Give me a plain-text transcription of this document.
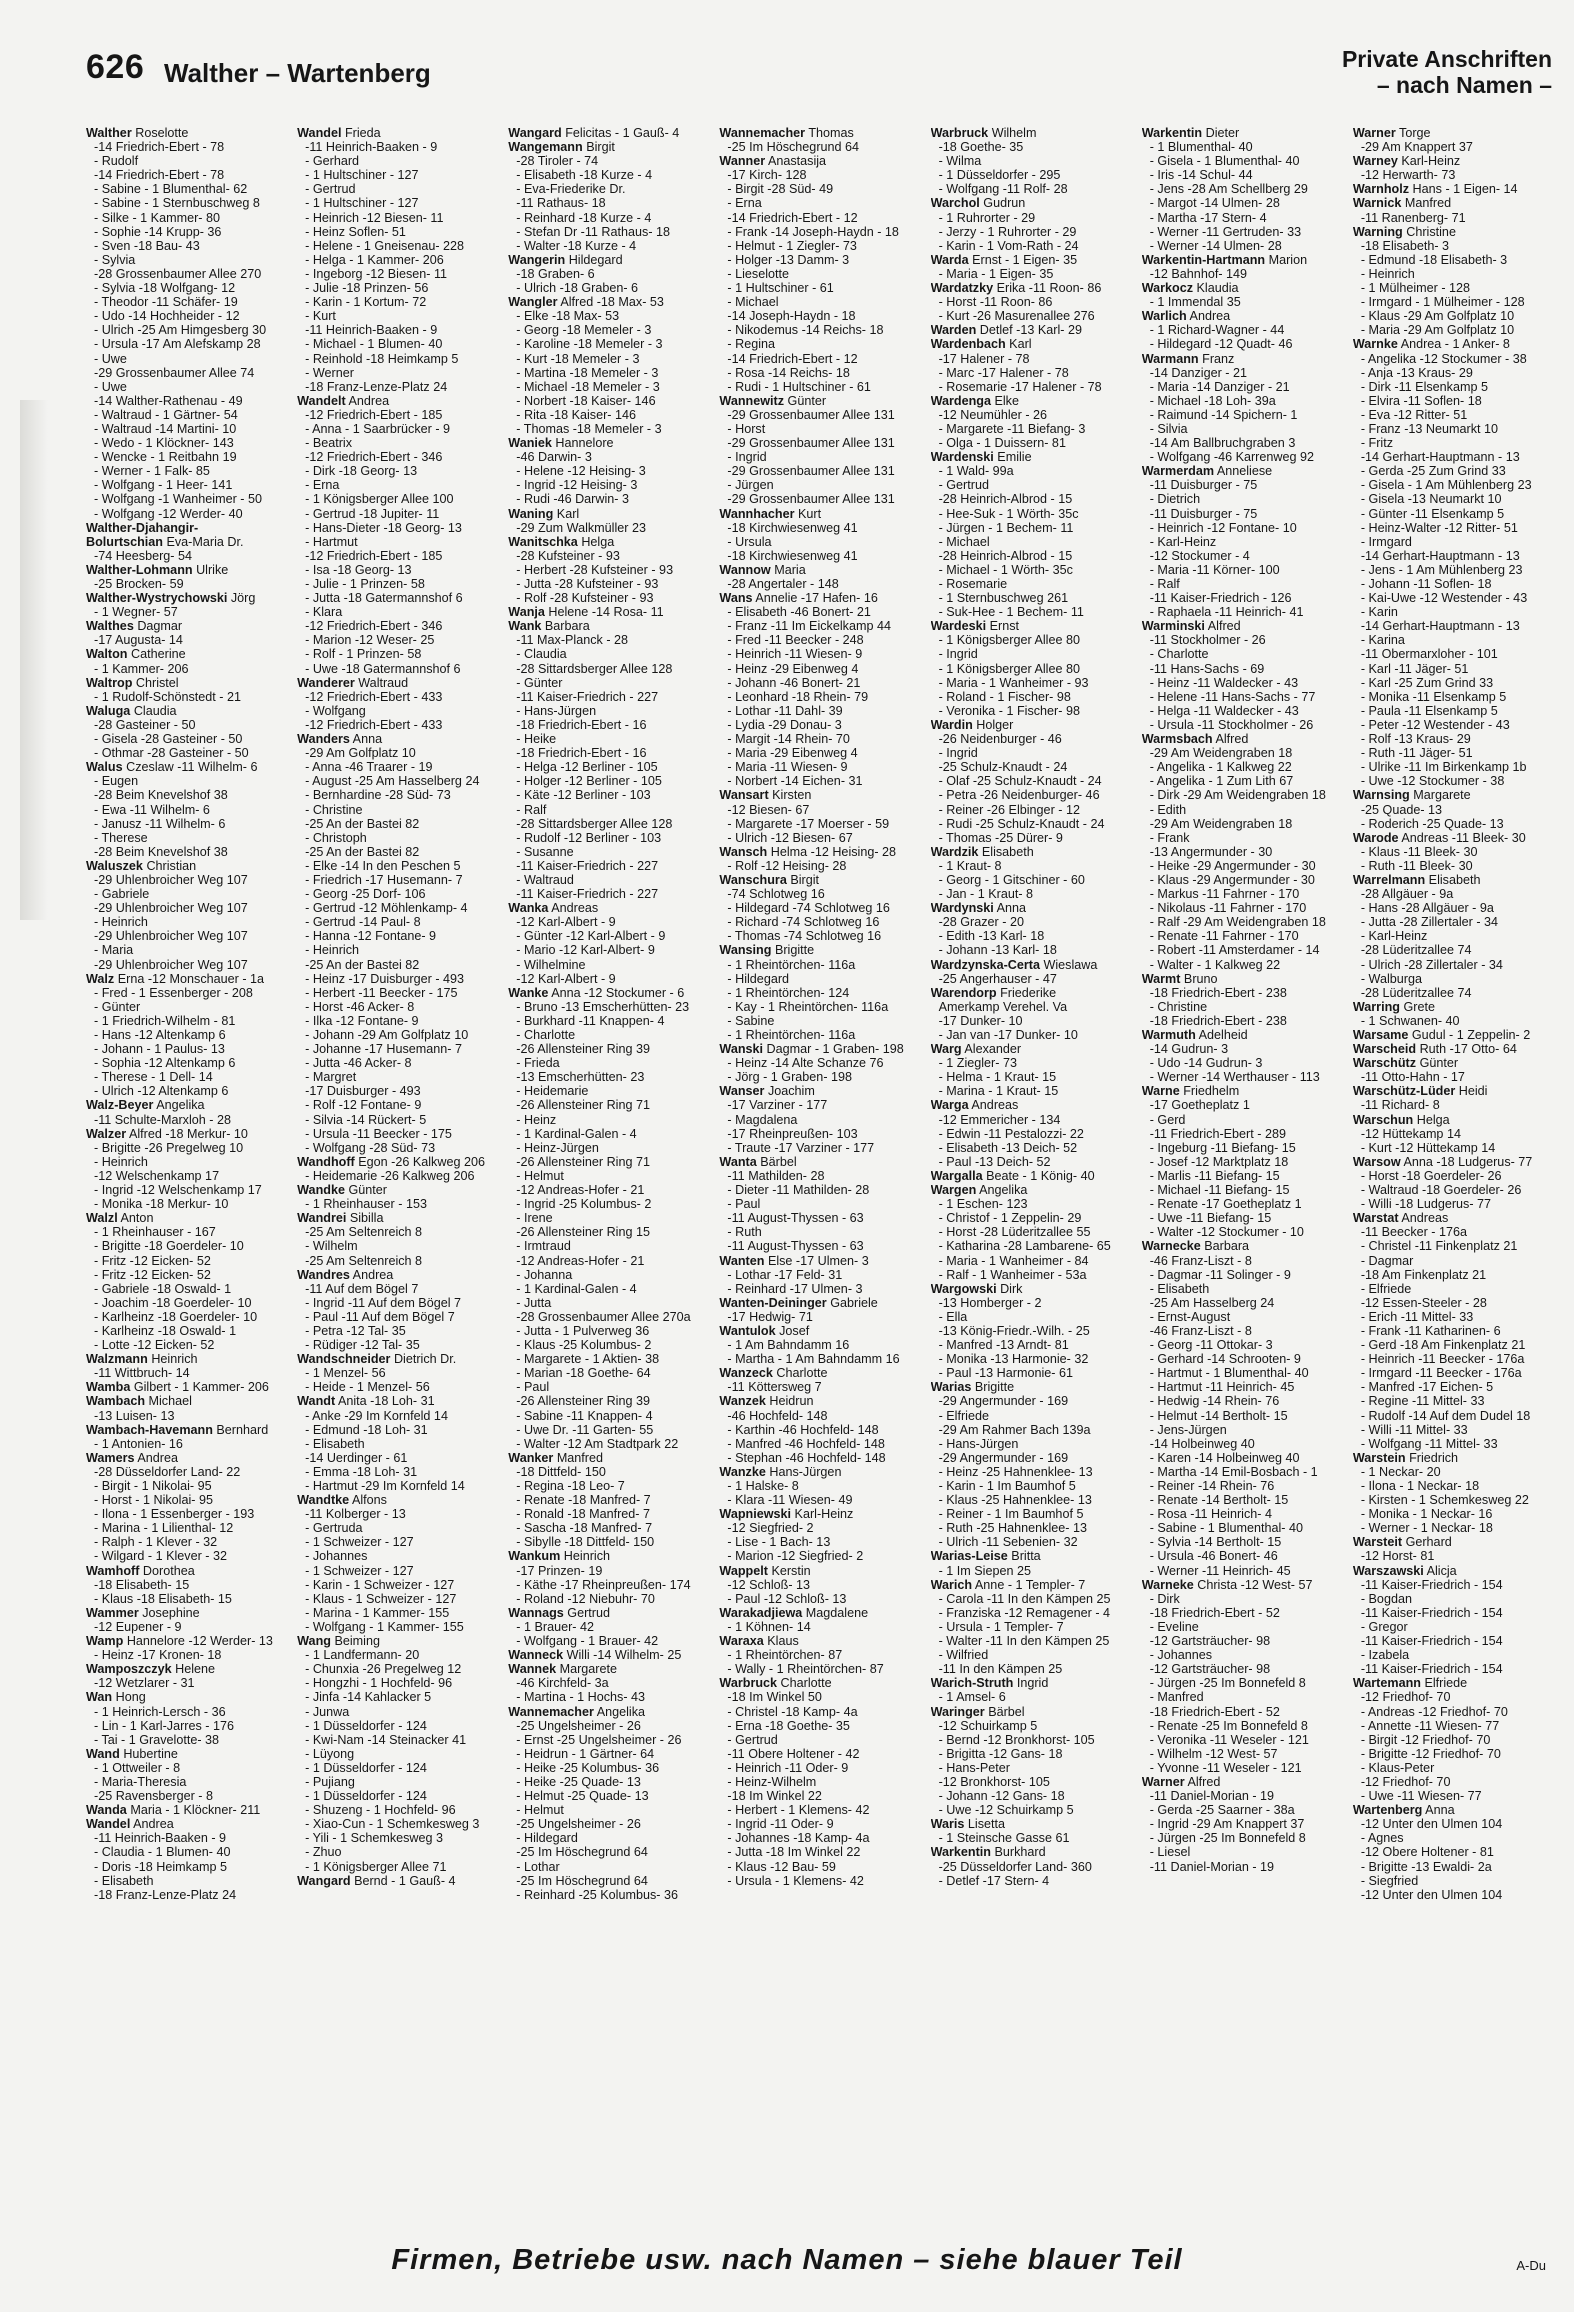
626 Walther – Wartenberg	Private Anschriften
– nach Namen –
Walther Roselotte
-14 Friedrich-Ebert - 78
- Rudolf
-14 Friedrich-Ebert - 78
- Sabine - 1 Blumenthal- 62
- Sabine - 1 Sternbuschweg 8
- Silke - 1 Kammer- 80
- Sophie -14 Krupp- 36
- Sven -18 Bau- 43
- Sylvia
-28 Grossenbaumer Allee 270
- Sylvia -18 Wolfgang- 12
- Theodor -11 Schäfer- 19
- Udo -14 Hochheider - 12
- Ulrich -25 Am Himgesberg 30
- Ursula -17 Am Alefskamp 28
- Uwe
-29 Grossenbaumer Allee 74
- Uwe
-14 Walther-Rathenau - 49
- Waltraud - 1 Gärtner- 54
- Waltraud -14 Martini- 10
- Wedo - 1 Klöckner- 143
- Wencke - 1 Reitbahn 19
- Werner - 1 Falk- 85
- Wolfgang - 1 Heer- 141
- Wolfgang -1 Wanheimer - 50
- Wolfgang -12 Werder- 40
Walther-Djahangir-
Bolurtschian Eva-Maria Dr.
-74 Heesberg- 54
Walther-Lohmann Ulrike
-25 Brocken- 59
Walther-Wystrychowski Jörg
- 1 Wegner- 57
Walthes Dagmar
-17 Augusta- 14
Walton Catherine
- 1 Kammer- 206
Waltrop Christel
- 1 Rudolf-Schönstedt - 21
Waluga Claudia
-28 Gasteiner - 50
- Gisela -28 Gasteiner - 50
- Othmar -28 Gasteiner - 50
Walus Czeslaw -11 Wilhelm- 6
- Eugen
-28 Beim Knevelshof 38
- Ewa -11 Wilhelm- 6
- Janusz -11 Wilhelm- 6
- Therese
-28 Beim Knevelshof 38
Waluszek Christian
-29 Uhlenbroicher Weg 107
- Gabriele
-29 Uhlenbroicher Weg 107
- Heinrich
-29 Uhlenbroicher Weg 107
- Maria
-29 Uhlenbroicher Weg 107
Walz Erna -12 Monschauer - 1a
- Fred - 1 Essenberger - 208
- Günter
- 1 Friedrich-Wilhelm - 81
- Hans -12 Altenkamp 6
- Johann - 1 Paulus- 13
- Sophia -12 Altenkamp 6
- Therese - 1 Dell- 14
- Ulrich -12 Altenkamp 6
Walz-Beyer Angelika
-11 Schulte-Marxloh - 28
Walzer Alfred -18 Merkur- 10
- Brigitte -26 Pregelweg 10
- Heinrich
-12 Welschenkamp 17
- Ingrid -12 Welschenkamp 17
- Monika -18 Merkur- 10
Walzl Anton
- 1 Rheinhauser - 167
- Brigitte -18 Goerdeler- 10
- Fritz -12 Eicken- 52
- Fritz -12 Eicken- 52
- Gabriele -18 Oswald- 1
- Joachim -18 Goerdeler- 10
- Karlheinz -18 Goerdeler- 10
- Karlheinz -18 Oswald- 1
- Lotte -12 Eicken- 52
Walzmann Heinrich
-11 Wittbruch- 14
Wamba Gilbert - 1 Kammer- 206
Wambach Michael
-13 Luisen- 13
Wambach-Havemann Bernhard
- 1 Antonien- 16
Wamers Andrea
-28 Düsseldorfer Land- 22
- Birgit - 1 Nikolai- 95
- Horst - 1 Nikolai- 95
- Ilona - 1 Essenberger - 193
- Marina - 1 Lilienthal- 12
- Ralph - 1 Klever - 32
- Wilgard - 1 Klever - 32
Wamhoff Dorothea
-18 Elisabeth- 15
- Klaus -18 Elisabeth- 15
Wammer Josephine
-12 Eupener - 9
Wamp Hannelore -12 Werder- 13
- Heinz -17 Kronen- 18
Wamposzczyk Helene
-12 Wetzlarer - 31
Wan Hong
- 1 Heinrich-Lersch - 36
- Lin - 1 Karl-Jarres - 176
- Tai - 1 Gravelotte- 38
Wand Hubertine
- 1 Ottweiler - 8
- Maria-Theresia
-25 Ravensberger - 8
Wanda Maria - 1 Klöckner- 211
Wandel Andrea
-11 Heinrich-Baaken - 9
- Claudia - 1 Blumen- 40
- Doris -18 Heimkamp 5
- Elisabeth
-18 Franz-Lenze-Platz 24
Wandel Frieda
-11 Heinrich-Baaken - 9
- Gerhard
- 1 Hultschiner - 127
- Gertrud
- 1 Hultschiner - 127
- Heinrich -12 Biesen- 11
- Heinz Soflen- 51
- Helene - 1 Gneisenau- 228
- Helga - 1 Kammer- 206
- Ingeborg -12 Biesen- 11
- Julie -18 Prinzen- 56
- Karin - 1 Kortum- 72
- Kurt
-11 Heinrich-Baaken - 9
- Michael - 1 Blumen- 40
- Reinhold -18 Heimkamp 5
- Werner
-18 Franz-Lenze-Platz 24
Wandelt Andrea
-12 Friedrich-Ebert - 185
- Anna - 1 Saarbrücker - 9
- Beatrix
-12 Friedrich-Ebert - 346
- Dirk -18 Georg- 13
- Erna
- 1 Königsberger Allee 100
- Gertrud -18 Jupiter- 11
- Hans-Dieter -18 Georg- 13
- Hartmut
-12 Friedrich-Ebert - 185
- Isa -18 Georg- 13
- Julie - 1 Prinzen- 58
- Jutta -18 Gatermannshof 6
- Klara
-12 Friedrich-Ebert - 346
- Marion -12 Weser- 25
- Rolf - 1 Prinzen- 58
- Uwe -18 Gatermannshof 6
Wanderer Waltraud
-12 Friedrich-Ebert - 433
- Wolfgang
-12 Friedrich-Ebert - 433
Wanders Anna
-29 Am Golfplatz 10
- Anna -46 Traarer - 19
- August -25 Am Hasselberg 24
- Bernhardine -28 Süd- 73
- Christine
-25 An der Bastei 82
- Christoph
-25 An der Bastei 82
- Elke -14 In den Peschen 5
- Friedrich -17 Husemann- 7
- Georg -25 Dorf- 106
- Gertrud -12 Möhlenkamp- 4
- Gertrud -14 Paul- 8
- Hanna -12 Fontane- 9
- Heinrich
-25 An der Bastei 82
- Heinz -17 Duisburger - 493
- Herbert -11 Beecker - 175
- Horst -46 Acker- 8
- Ilka -12 Fontane- 9
- Johann -29 Am Golfplatz 10
- Johanne -17 Husemann- 7
- Jutta -46 Acker- 8
- Margret
-17 Duisburger - 493
- Rolf -12 Fontane- 9
- Silvia -14 Rückert- 5
- Ursula -11 Beecker - 175
- Wolfgang -28 Süd- 73
Wandhoff Egon -26 Kalkweg 206
- Heidemarie -26 Kalkweg 206
Wandke Günter
- 1 Rheinhauser - 153
Wandrei Sibilla
-25 Am Seltenreich 8
- Wilhelm
-25 Am Seltenreich 8
Wandres Andrea
-11 Auf dem Bögel 7
- Ingrid -11 Auf dem Bögel 7
- Paul -11 Auf dem Bögel 7
- Petra -12 Tal- 35
- Rüdiger -12 Tal- 35
Wandschneider Dietrich Dr.
- 1 Menzel- 56
- Heide - 1 Menzel- 56
Wandt Anita -18 Loh- 31
- Anke -29 Im Kornfeld 14
- Edmund -18 Loh- 31
- Elisabeth
-14 Uerdinger - 61
- Emma -18 Loh- 31
- Hartmut -29 Im Kornfeld 14
Wandtke Alfons
-11 Kolberger - 13
- Gertruda
- 1 Schweizer - 127
- Johannes
- 1 Schweizer - 127
- Karin - 1 Schweizer - 127
- Klaus - 1 Schweizer - 127
- Marina - 1 Kammer- 155
- Wolfgang - 1 Kammer- 155
Wang Beiming
- 1 Landfermann- 20
- Chunxia -26 Pregelweg 12
- Hongzhi - 1 Hochfeld- 96
- Jinfa -14 Kahlacker 5
- Junwa
- 1 Düsseldorfer - 124
- Kwi-Nam -14 Steinacker 41
- Lüyong
- 1 Düsseldorfer - 124
- Pujiang
- 1 Düsseldorfer - 124
- Shuzeng - 1 Hochfeld- 96
- Xiao-Cun - 1 Schemkesweg 3
- Yili - 1 Schemkesweg 3
- Zhuo
- 1 Königsberger Allee 71
Wangard Bernd - 1 Gauß- 4
Wangard Felicitas - 1 Gauß- 4
Wangemann Birgit
-28 Tiroler - 74
- Elisabeth -18 Kurze - 4
- Eva-Friederike Dr.
-11 Rathaus- 18
- Reinhard -18 Kurze - 4
- Stefan Dr -11 Rathaus- 18
- Walter -18 Kurze - 4
Wangerin Hildegard
-18 Graben- 6
- Ulrich -18 Graben- 6
Wangler Alfred -18 Max- 53
- Elke -18 Max- 53
- Georg -18 Memeler - 3
- Karoline -18 Memeler - 3
- Kurt -18 Memeler - 3
- Martina -18 Memeler - 3
- Michael -18 Memeler - 3
- Norbert -18 Kaiser- 146
- Rita -18 Kaiser- 146
- Thomas -18 Memeler - 3
Waniek Hannelore
-46 Darwin- 3
- Helene -12 Heising- 3
- Ingrid -12 Heising- 3
- Rudi -46 Darwin- 3
Waning Karl
-29 Zum Walkmüller 23
Wanitschka Helga
-28 Kufsteiner - 93
- Herbert -28 Kufsteiner - 93
- Jutta -28 Kufsteiner - 93
- Rolf -28 Kufsteiner - 93
Wanja Helene -14 Rosa- 11
Wank Barbara
-11 Max-Planck - 28
- Claudia
-28 Sittardsberger Allee 128
- Günter
-11 Kaiser-Friedrich - 227
- Hans-Jürgen
-18 Friedrich-Ebert - 16
- Heike
-18 Friedrich-Ebert - 16
- Helga -12 Berliner - 105
- Holger -12 Berliner - 105
- Käte -12 Berliner - 103
- Ralf
-28 Sittardsberger Allee 128
- Rudolf -12 Berliner - 103
- Susanne
-11 Kaiser-Friedrich - 227
- Waltraud
-11 Kaiser-Friedrich - 227
Wanka Andreas
-12 Karl-Albert - 9
- Günter -12 Karl-Albert - 9
- Mario -12 Karl-Albert- 9
- Wilhelmine
-12 Karl-Albert - 9
Wanke Anna -12 Stockumer - 6
- Bruno -13 Emscherhütten- 23
- Burkhard -11 Knappen- 4
- Charlotte
-26 Allensteiner Ring 39
- Frieda
-13 Emscherhütten- 23
- Heidemarie
-26 Allensteiner Ring 71
- Heinz
- 1 Kardinal-Galen - 4
- Heinz-Jürgen
-26 Allensteiner Ring 71
- Helmut
-12 Andreas-Hofer - 21
- Ingrid -25 Kolumbus- 2
- Irene
-26 Allensteiner Ring 15
- Irmtraud
-12 Andreas-Hofer - 21
- Johanna
- 1 Kardinal-Galen - 4
- Jutta
-28 Grossenbaumer Allee 270a
- Jutta - 1 Pulverweg 36
- Klaus -25 Kolumbus- 2
- Margarete - 1 Aktien- 38
- Marian -18 Goethe- 64
- Paul
-26 Allensteiner Ring 39
- Sabine -11 Knappen- 4
- Uwe Dr. -11 Garten- 55
- Walter -12 Am Stadtpark 22
Wanker Manfred
-18 Dittfeld- 150
- Regina -18 Leo- 7
- Renate -18 Manfred- 7
- Ronald -18 Manfred- 7
- Sascha -18 Manfred- 7
- Sibylle -18 Dittfeld- 150
Wankum Heinrich
-17 Prinzen- 19
- Käthe -17 Rheinpreußen- 174
- Roland -12 Niebuhr- 70
Wannags Gertrud
- 1 Brauer- 42
- Wolfgang - 1 Brauer- 42
Wanneck Willi -14 Wilhelm- 25
Wannek Margarete
-46 Kirchfeld- 3a
- Martina - 1 Hochs- 43
Wannemacher Angelika
-25 Ungelsheimer - 26
- Ernst -25 Ungelsheimer - 26
- Heidrun - 1 Gärtner- 64
- Heike -25 Kolumbus- 36
- Heike -25 Quade- 13
- Helmut -25 Quade- 13
- Helmut
-25 Ungelsheimer - 26
- Hildegard
-25 Im Höschegrund 64
- Lothar
-25 Im Höschegrund 64
- Reinhard -25 Kolumbus- 36
Wannemacher Thomas
-25 Im Höschegrund 64
Wanner Anastasija
-17 Kirch- 128
- Birgit -28 Süd- 49
- Erna
-14 Friedrich-Ebert - 12
- Frank -14 Joseph-Haydn - 18
- Helmut - 1 Ziegler- 73
- Holger -13 Damm- 3
- Lieselotte
- 1 Hultschiner - 61
- Michael
-14 Joseph-Haydn - 18
- Nikodemus -14 Reichs- 18
- Regina
-14 Friedrich-Ebert - 12
- Rosa -14 Reichs- 18
- Rudi - 1 Hultschiner - 61
Wannewitz Günter
-29 Grossenbaumer Allee 131
- Horst
-29 Grossenbaumer Allee 131
- Ingrid
-29 Grossenbaumer Allee 131
- Jürgen
-29 Grossenbaumer Allee 131
Wannhacher Kurt
-18 Kirchwiesenweg 41
- Ursula
-18 Kirchwiesenweg 41
Wannow Maria
-28 Angertaler - 148
Wans Annelie -17 Hafen- 16
- Elisabeth -46 Bonert- 21
- Franz -11 Im Eickelkamp 44
- Fred -11 Beecker - 248
- Heinrich -11 Wiesen- 9
- Heinz -29 Eibenweg 4
- Johann -46 Bonert- 21
- Leonhard -18 Rhein- 79
- Lothar -11 Dahl- 39
- Lydia -29 Donau- 3
- Margit -14 Rhein- 70
- Maria -29 Eibenweg 4
- Maria -11 Wiesen- 9
- Norbert -14 Eichen- 31
Wansart Kirsten
-12 Biesen- 67
- Margarete -17 Moerser - 59
- Ulrich -12 Biesen- 67
Wansch Helma -12 Heising- 28
- Rolf -12 Heising- 28
Wanschura Birgit
-74 Schlotweg 16
- Hildegard -74 Schlotweg 16
- Richard -74 Schlotweg 16
- Thomas -74 Schlotweg 16
Wansing Brigitte
- 1 Rheintörchen- 116a
- Hildegard
- 1 Rheintörchen- 124
- Kay - 1 Rheintörchen- 116a
- Sabine
- 1 Rheintörchen- 116a
Wanski Dagmar - 1 Graben- 198
- Heinz -14 Alte Schanze 76
- Jörg - 1 Graben- 198
Wanser Joachim
-17 Varziner - 177
- Magdalena
-17 Rheinpreußen- 103
- Traute -17 Varziner - 177
Wanta Bärbel
-11 Mathilden- 28
- Dieter -11 Mathilden- 28
- Paul
-11 August-Thyssen - 63
- Ruth
-11 August-Thyssen - 63
Wanten Else -17 Ulmen- 3
- Lothar -17 Feld- 31
- Reinhard -17 Ulmen- 3
Wanten-Deininger Gabriele
-17 Hedwig- 71
Wantulok Josef
- 1 Am Bahndamm 16
- Martha - 1 Am Bahndamm 16
Wanzeck Charlotte
-11 Köttersweg 7
Wanzek Heidrun
-46 Hochfeld- 148
- Karthin -46 Hochfeld- 148
- Manfred -46 Hochfeld- 148
- Stephan -46 Hochfeld- 148
Wanzke Hans-Jürgen
- 1 Halske- 8
- Klara -11 Wiesen- 49
Wapniewski Karl-Heinz
-12 Siegfried- 2
- Lise - 1 Bach- 13
- Marion -12 Siegfried- 2
Wappelt Kerstin
-12 Schloß- 13
- Paul -12 Schloß- 13
Warakadjiewa Magdalene
- 1 Köhnen- 14
Waraxa Klaus
- 1 Rheintörchen- 87
- Wally - 1 Rheintörchen- 87
Warbruck Charlotte
-18 Im Winkel 50
- Christel -18 Kamp- 4a
- Erna -18 Goethe- 35
- Gertrud
-11 Obere Holtener - 42
- Heinrich -11 Oder- 9
- Heinz-Wilhelm
-18 Im Winkel 22
- Herbert - 1 Klemens- 42
- Ingrid -11 Oder- 9
- Johannes -18 Kamp- 4a
- Jutta -18 Im Winkel 22
- Klaus -12 Bau- 59
- Ursula - 1 Klemens- 42
Warbruck Wilhelm
-18 Goethe- 35
- Wilma
- 1 Düsseldorfer - 295
- Wolfgang -11 Rolf- 28
Warchol Gudrun
- 1 Ruhrorter - 29
- Jerzy - 1 Ruhrorter - 29
- Karin - 1 Vom-Rath - 24
Warda Ernst - 1 Eigen- 35
- Maria - 1 Eigen- 35
Wardatzky Erika -11 Roon- 86
- Horst -11 Roon- 86
- Kurt -26 Masurenallee 276
Warden Detlef -13 Karl- 29
Wardenbach Karl
-17 Halener - 78
- Marc -17 Halener - 78
- Rosemarie -17 Halener - 78
Wardenga Elke
-12 Neumühler - 26
- Margarete -11 Biefang- 3
- Olga - 1 Duissern- 81
Wardenski Emilie
- 1 Wald- 99a
- Gertrud
-28 Heinrich-Albrod - 15
- Hee-Suk - 1 Wörth- 35c
- Jürgen - 1 Bechem- 11
- Michael
-28 Heinrich-Albrod - 15
- Michael - 1 Wörth- 35c
- Rosemarie
- 1 Sternbuschweg 261
- Suk-Hee - 1 Bechem- 11
Wardeski Ernst
- 1 Königsberger Allee 80
- Ingrid
- 1 Königsberger Allee 80
- Maria - 1 Wanheimer - 93
- Roland - 1 Fischer- 98
- Veronika - 1 Fischer- 98
Wardin Holger
-26 Neidenburger - 46
- Ingrid
-25 Schulz-Knaudt - 24
- Olaf -25 Schulz-Knaudt - 24
- Petra -26 Neidenburger- 46
- Reiner -26 Elbinger - 12
- Rudi -25 Schulz-Knaudt - 24
- Thomas -25 Dürer- 9
Wardzik Elisabeth
- 1 Kraut- 8
- Georg - 1 Gitschiner - 60
- Jan - 1 Kraut- 8
Wardynski Anna
-28 Grazer - 20
- Edith -13 Karl- 18
- Johann -13 Karl- 18
Wardzynska-Certa Wieslawa
-25 Angerhauser - 47
Warendorp Friederike
Amerkamp Verehel. Va
-17 Dunker- 10
- Jan van -17 Dunker- 10
Warg Alexander
- 1 Ziegler- 73
- Helma - 1 Kraut- 15
- Marina - 1 Kraut- 15
Warga Andreas
-12 Emmericher - 134
- Edwin -11 Pestalozzi- 22
- Elisabeth -13 Deich- 52
- Paul -13 Deich- 52
Wargalla Beate - 1 König- 40
Wargen Angelika
- 1 Eschen- 123
- Christof - 1 Zeppelin- 29
- Horst -28 Lüderitzallee 55
- Katharina -28 Lambarene- 65
- Maria - 1 Wanheimer - 84
- Ralf - 1 Wanheimer - 53a
Wargowski Dirk
-13 Homberger - 2
- Ella
-13 König-Friedr.-Wilh. - 25
- Manfred -13 Arndt- 81
- Monika -13 Harmonie- 32
- Paul -13 Harmonie- 61
Warias Brigitte
-29 Angermunder - 169
- Elfriede
-29 Am Rahmer Bach 139a
- Hans-Jürgen
-29 Angermunder - 169
- Heinz -25 Hahnenklee- 13
- Karin - 1 Im Baumhof 5
- Klaus -25 Hahnenklee- 13
- Reiner - 1 Im Baumhof 5
- Ruth -25 Hahnenklee- 13
- Ulrich -11 Sebenien- 32
Warias-Leise Britta
- 1 Im Siepen 25
Warich Anne - 1 Templer- 7
- Carola -11 In den Kämpen 25
- Franziska -12 Remagener - 4
- Ursula - 1 Templer- 7
- Walter -11 In den Kämpen 25
- Wilfried
-11 In den Kämpen 25
Warich-Struth Ingrid
- 1 Amsel- 6
Waringer Bärbel
-12 Schuirkamp 5
- Bernd -12 Bronkhorst- 105
- Brigitta -12 Gans- 18
- Hans-Peter
-12 Bronkhorst- 105
- Johann -12 Gans- 18
- Uwe -12 Schuirkamp 5
Waris Lisetta
- 1 Steinsche Gasse 61
Warkentin Burkhard
-25 Düsseldorfer Land- 360
- Detlef -17 Stern- 4
Warkentin Dieter
- 1 Blumenthal- 40
- Gisela - 1 Blumenthal- 40
- Iris -14 Schul- 44
- Jens -28 Am Schellberg 29
- Margot -14 Ulmen- 28
- Martha -17 Stern- 4
- Werner -11 Gertruden- 33
- Werner -14 Ulmen- 28
Warkentin-Hartmann Marion
-12 Bahnhof- 149
Warkocz Klaudia
- 1 Immendal 35
Warlich Andrea
- 1 Richard-Wagner - 44
- Hildegard -12 Quadt- 46
Warmann Franz
-14 Danziger - 21
- Maria -14 Danziger - 21
- Michael -18 Loh- 39a
- Raimund -14 Spichern- 1
- Silvia
-14 Am Ballbruchgraben 3
- Wolfgang -46 Karrenweg 92
Warmerdam Anneliese
-11 Duisburger - 75
- Dietrich
-11 Duisburger - 75
- Heinrich -12 Fontane- 10
- Karl-Heinz
-12 Stockumer - 4
- Maria -11 Körner- 100
- Ralf
-11 Kaiser-Friedrich - 126
- Raphaela -11 Heinrich- 41
Warminski Alfred
-11 Stockholmer - 26
- Charlotte
-11 Hans-Sachs - 69
- Heinz -11 Waldecker - 43
- Helene -11 Hans-Sachs - 77
- Helga -11 Waldecker - 43
- Ursula -11 Stockholmer - 26
Warmsbach Alfred
-29 Am Weidengraben 18
- Angelika - 1 Kalkweg 22
- Angelika - 1 Zum Lith 67
- Dirk -29 Am Weidengraben 18
- Edith
-29 Am Weidengraben 18
- Frank
-13 Angermunder - 30
- Heike -29 Angermunder - 30
- Klaus -29 Angermunder - 30
- Markus -11 Fahrner - 170
- Nikolaus -11 Fahrner - 170
- Ralf -29 Am Weidengraben 18
- Renate -11 Fahrner - 170
- Robert -11 Amsterdamer - 14
- Walter - 1 Kalkweg 22
Warmt Bruno
-18 Friedrich-Ebert - 238
- Christine
-18 Friedrich-Ebert - 238
Warmuth Adelheid
-14 Gudrun- 3
- Udo -14 Gudrun- 3
- Werner -14 Werthauser - 113
Warne Friedhelm
-17 Goetheplatz 1
- Gerd
-11 Friedrich-Ebert - 289
- Ingeburg -11 Biefang- 15
- Josef -12 Marktplatz 18
- Marlis -11 Biefang- 15
- Michael -11 Biefang- 15
- Renate -17 Goetheplatz 1
- Uwe -11 Biefang- 15
- Walter -12 Stockumer - 10
Warnecke Barbara
-46 Franz-Liszt - 8
- Dagmar -11 Solinger - 9
- Elisabeth
-25 Am Hasselberg 24
- Ernst-August
-46 Franz-Liszt - 8
- Georg -11 Ottokar- 3
- Gerhard -14 Schrooten- 9
- Hartmut - 1 Blumenthal- 40
- Hartmut -11 Heinrich- 45
- Hedwig -14 Rhein- 76
- Helmut -14 Bertholt- 15
- Jens-Jürgen
-14 Holbeinweg 40
- Karen -14 Holbeinweg 40
- Martha -14 Emil-Bosbach - 1
- Reiner -14 Rhein- 76
- Renate -14 Bertholt- 15
- Rosa -11 Heinrich- 4
- Sabine - 1 Blumenthal- 40
- Sylvia -14 Bertholt- 15
- Ursula -46 Bonert- 46
- Werner -11 Heinrich- 45
Warneke Christa -12 West- 57
- Dirk
-18 Friedrich-Ebert - 52
- Eveline
-12 Gartsträucher- 98
- Johannes
-12 Gartsträucher- 98
- Jürgen -25 Im Bonnefeld 8
- Manfred
-18 Friedrich-Ebert - 52
- Renate -25 Im Bonnefeld 8
- Veronika -11 Weseler - 121
- Wilhelm -12 West- 57
- Yvonne -11 Weseler - 121
Warner Alfred
-11 Daniel-Morian - 19
- Gerda -25 Saarner - 38a
- Ingrid -29 Am Knappert 37
- Jürgen -25 Im Bonnefeld 8
- Liesel
-11 Daniel-Morian - 19
Warner Torge
-29 Am Knappert 37
Warney Karl-Heinz
-12 Herwarth- 73
Warnholz Hans - 1 Eigen- 14
Warnick Manfred
-11 Ranenberg- 71
Warning Christine
-18 Elisabeth- 3
- Edmund -18 Elisabeth- 3
- Heinrich
- 1 Mülheimer - 128
- Irmgard - 1 Mülheimer - 128
- Klaus -29 Am Golfplatz 10
- Maria -29 Am Golfplatz 10
Warnke Andrea - 1 Anker- 8
- Angelika -12 Stockumer - 38
- Anja -13 Kraus- 29
- Dirk -11 Elsenkamp 5
- Elvira -11 Soflen- 18
- Eva -12 Ritter- 51
- Franz -13 Neumarkt 10
- Fritz
-14 Gerhart-Hauptmann - 13
- Gerda -25 Zum Grind 33
- Gisela - 1 Am Mühlenberg 23
- Gisela -13 Neumarkt 10
- Günter -11 Elsenkamp 5
- Heinz-Walter -12 Ritter- 51
- Irmgard
-14 Gerhart-Hauptmann - 13
- Jens - 1 Am Mühlenberg 23
- Johann -11 Soflen- 18
- Kai-Uwe -12 Westender - 43
- Karin
-14 Gerhart-Hauptmann - 13
- Karina
-11 Obermarxloher - 101
- Karl -11 Jäger- 51
- Karl -25 Zum Grind 33
- Monika -11 Elsenkamp 5
- Paula -11 Elsenkamp 5
- Peter -12 Westender - 43
- Rolf -13 Kraus- 29
- Ruth -11 Jäger- 51
- Ulrike -11 Im Birkenkamp 1b
- Uwe -12 Stockumer - 38
Warnsing Margarete
-25 Quade- 13
- Roderich -25 Quade- 13
Warode Andreas -11 Bleek- 30
- Klaus -11 Bleek- 30
- Ruth -11 Bleek- 30
Warrelmann Elisabeth
-28 Allgäuer - 9a
- Hans -28 Allgäuer - 9a
- Jutta -28 Zillertaler - 34
- Karl-Heinz
-28 Lüderitzallee 74
- Ulrich -28 Zillertaler - 34
- Walburga
-28 Lüderitzallee 74
Warring Grete
- 1 Schwanen- 40
Warsame Gudul - 1 Zeppelin- 2
Warscheid Ruth -17 Otto- 64
Warschütz Günter
-11 Otto-Hahn - 17
Warschütz-Lüder Heidi
-11 Richard- 8
Warschun Helga
-12 Hüttekamp 14
- Kurt -12 Hüttekamp 14
Warsow Anna -18 Ludgerus- 77
- Horst -18 Goerdeler- 26
- Waltraud -18 Goerdeler- 26
- Willi -18 Ludgerus- 77
Warstat Andreas
-11 Beecker - 176a
- Christel -11 Finkenplatz 21
- Dagmar
-18 Am Finkenplatz 21
- Elfriede
-12 Essen-Steeler - 28
- Erich -11 Mittel- 33
- Frank -11 Katharinen- 6
- Gerd -18 Am Finkenplatz 21
- Heinrich -11 Beecker - 176a
- Irmgard -11 Beecker - 176a
- Manfred -17 Eichen- 5
- Regine -11 Mittel- 33
- Rudolf -14 Auf dem Dudel 18
- Willi -11 Mittel- 33
- Wolfgang -11 Mittel- 33
Warstein Friedrich
- 1 Neckar- 20
- Ilona - 1 Neckar- 18
- Kirsten - 1 Schemkesweg 22
- Monika - 1 Neckar- 16
- Werner - 1 Neckar- 18
Warsteit Gerhard
-12 Horst- 81
Warszawski Alicja
-11 Kaiser-Friedrich - 154
- Bogdan
-11 Kaiser-Friedrich - 154
- Gregor
-11 Kaiser-Friedrich - 154
- Izabela
-11 Kaiser-Friedrich - 154
Wartemann Elfriede
-12 Friedhof- 70
- Andreas -12 Friedhof- 70
- Annette -11 Wiesen- 77
- Birgit -12 Friedhof- 70
- Brigitte -12 Friedhof- 70
- Klaus-Peter
-12 Friedhof- 70
- Uwe -11 Wiesen- 77
Wartenberg Anna
-12 Unter den Ulmen 104
- Agnes
-12 Obere Holtener - 81
- Brigitte -13 Ewaldi- 2a
- Siegfried
-12 Unter den Ulmen 104
Firmen, Betriebe usw. nach Namen – siehe blauer Teil	A-Du
